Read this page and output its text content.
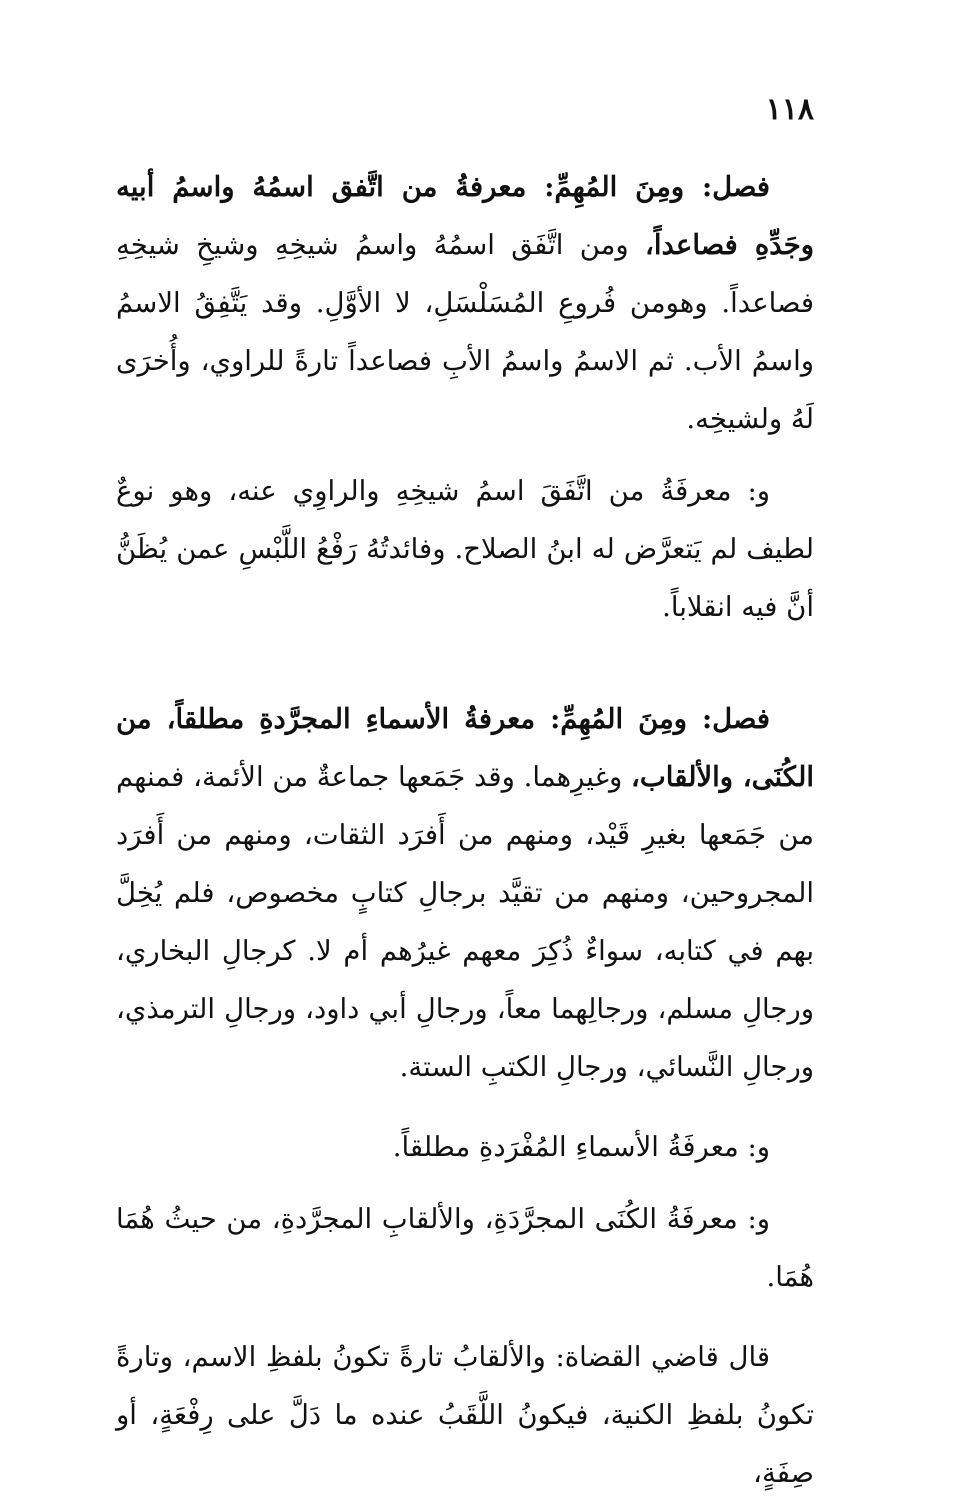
١١٨

فصل: ومِنَ المُهِمِّ: معرفةُ من اتَّفق اسمُهُ واسمُ أبيه وجَدِّهِ فصاعداً، ومن اتَّفَق اسمُهُ واسمُ شيخِهِ وشيخِ شيخِهِ فصاعداً. وهومن فُروعِ المُسَلْسَلِ، لا الأوَّلِ. وقد يَتَّفِقُ الاسمُ واسمُ الأب. ثم الاسمُ واسمُ الأبِ فصاعداً تارةً للراوي، وأُخرَى لَهُ ولشيخِه.

و: معرفَةُ من اتَّفَقَ اسمُ شيخِهِ والراوِي عنه، وهو نوعٌ لطيف لم يَتعرَّض له ابنُ الصلاح. وفائدتُهُ رَفْعُ اللَّبْسِ عمن يُظَنُّ أنَّ فيه انقلاباً.

فصل: ومِنَ المُهِمِّ: معرفةُ الأسماءِ المجرَّدةِ مطلقاً، من الكُنَى، والألقاب، وغيرِهما. وقد جَمَعها جماعةٌ من الأئمة، فمنهم من جَمَعها بغيرِ قَيْد، ومنهم من أَفرَد الثقات، ومنهم من أَفرَد المجروحين، ومنهم من تقيَّد برجالِ كتابٍ مخصوص، فلم يُخِلَّ بهم في كتابه، سواءٌ ذُكِرَ معهم غيرُهم أم لا. كرجالِ البخاري، ورجالِ مسلم، ورجالِهما معاً، ورجالِ أبي داود، ورجالِ الترمذي، ورجالِ النَّسائي، ورجالِ الكتبِ الستة.

و: معرفَةُ الأسماءِ المُفْرَدةِ مطلقاً.

و: معرفَةُ الكُنَى المجرَّدَةِ، والألقابِ المجرَّدةِ، من حيثُ هُمَا هُمَا.

قال قاضي القضاة: والألقابُ تارةً تكونُ بلفظِ الاسم، وتارةً تكونُ بلفظِ الكنية، فيكونُ اللَّقَبُ عنده ما دَلَّ على رِفْعَةٍ، أو صِفَةٍ،
